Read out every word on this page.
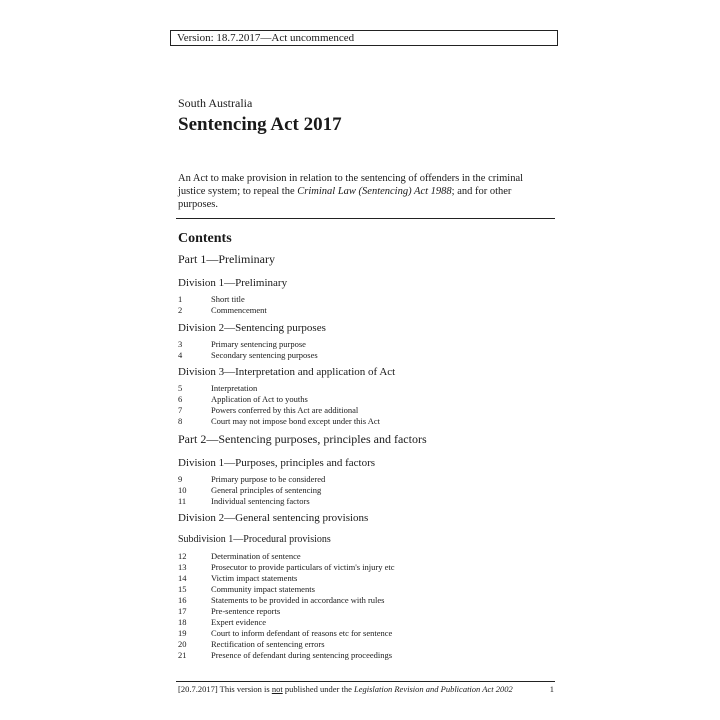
Version: 18.7.2017—Act uncommenced
South Australia
Sentencing Act 2017
An Act to make provision in relation to the sentencing of offenders in the criminal justice system; to repeal the Criminal Law (Sentencing) Act 1988; and for other purposes.
Contents
Part 1—Preliminary
Division 1—Preliminary
1	Short title
2	Commencement
Division 2—Sentencing purposes
3	Primary sentencing purpose
4	Secondary sentencing purposes
Division 3—Interpretation and application of Act
5	Interpretation
6	Application of Act to youths
7	Powers conferred by this Act are additional
8	Court may not impose bond except under this Act
Part 2—Sentencing purposes, principles and factors
Division 1—Purposes, principles and factors
9	Primary purpose to be considered
10	General principles of sentencing
11	Individual sentencing factors
Division 2—General sentencing provisions
Subdivision 1—Procedural provisions
12	Determination of sentence
13	Prosecutor to provide particulars of victim's injury etc
14	Victim impact statements
15	Community impact statements
16	Statements to be provided in accordance with rules
17	Pre-sentence reports
18	Expert evidence
19	Court to inform defendant of reasons etc for sentence
20	Rectification of sentencing errors
21	Presence of defendant during sentencing proceedings
[20.7.2017] This version is not published under the Legislation Revision and Publication Act 2002	1
